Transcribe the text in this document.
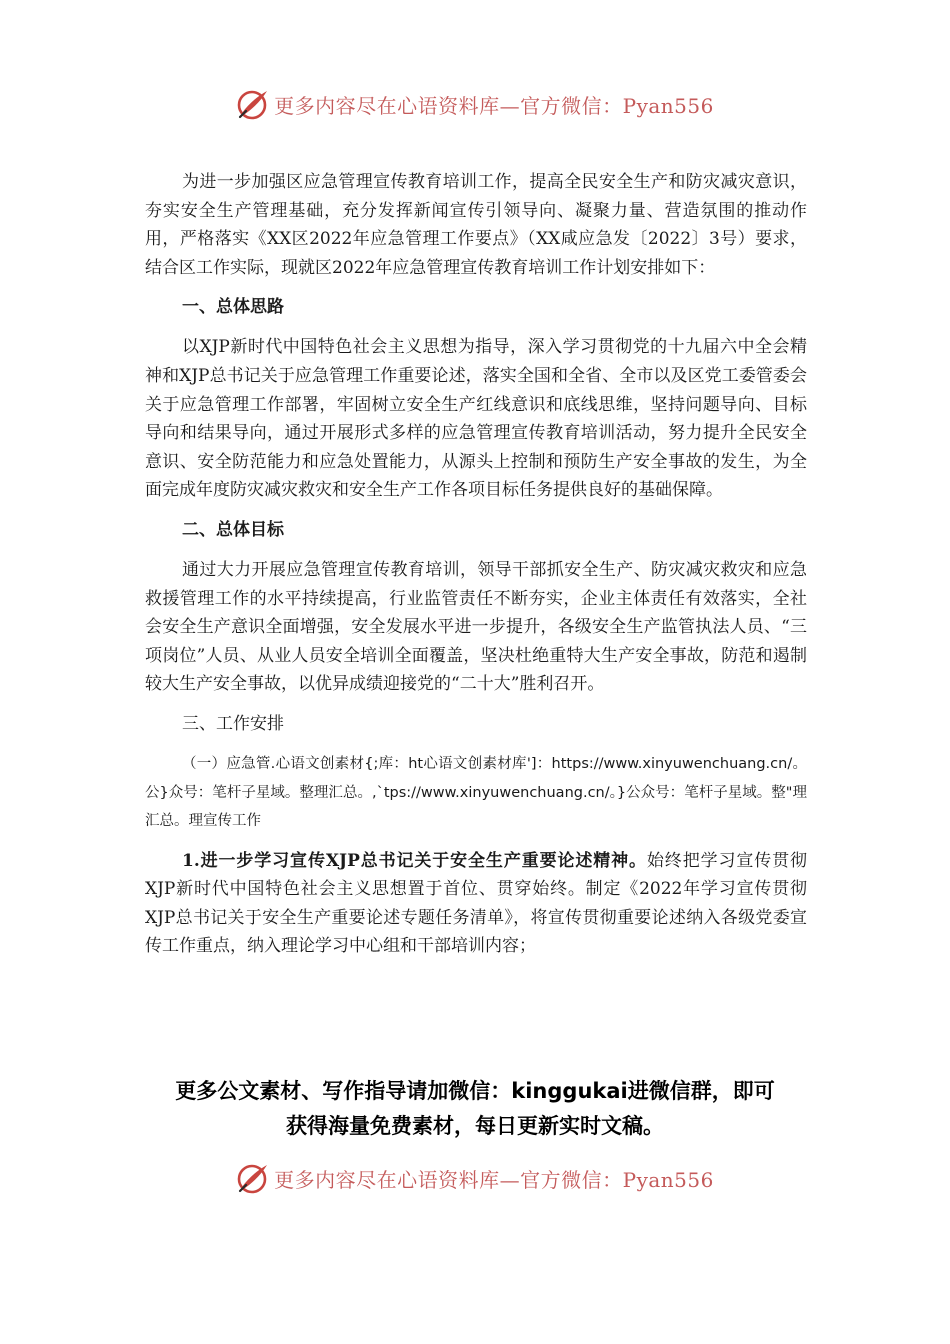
更多内容尽在心语资料库—官方微信：Pyan556

为进一步加强区应急管理宣传教育培训工作，提高全民安全生产和防灾减灾意识，夯实安全生产管理基础，充分发挥新闻宣传引领导向、凝聚力量、营造氛围的推动作用，严格落实《XX区2022年应急管理工作要点》（XX咸应急发〔2022〕3号）要求，结合区工作实际，现就区2022年应急管理宣传教育培训工作计划安排如下：

一、总体思路

以XJP新时代中国特色社会主义思想为指导，深入学习贯彻党的十九届六中全会精神和XJP总书记关于应急管理工作重要论述，落实全国和全省、全市以及区党工委管委会关于应急管理工作部署，牢固树立安全生产红线意识和底线思维，坚持问题导向、目标导向和结果导向，通过开展形式多样的应急管理宣传教育培训活动，努力提升全民安全意识、安全防范能力和应急处置能力，从源头上控制和预防生产安全事故的发生，为全面完成年度防灾减灾救灾和安全生产工作各项目标任务提供良好的基础保障。

二、总体目标

通过大力开展应急管理宣传教育培训，领导干部抓安全生产、防灾减灾救灾和应急救援管理工作的水平持续提高，行业监管责任不断夯实，企业主体责任有效落实，全社会安全生产意识全面增强，安全发展水平进一步提升，各级安全生产监管执法人员、“三项岗位”人员、从业人员安全培训全面覆盖，坚决杜绝重特大生产安全事故，防范和遏制较大生产安全事故，以优异成绩迎接党的“二十大”胜利召开。

三、工作安排

（一）应急管.心语文创素材{;库：ht心语文创素材库']：https://www.xinyuwenchuang.cn/。公}众号：笔杆子星域。整理汇总。,`tps://www.xinyuwenchuang.cn/。}公众号：笔杆子星域。整"理汇总。理宣传工作

1.进一步学习宣传XJP总书记关于安全生产重要论述精神。始终把学习宣传贯彻XJP新时代中国特色社会主义思想置于首位、贯穿始终。制定《2022年学习宣传贯彻XJP总书记关于安全生产重要论述专题任务清单》，将宣传贯彻重要论述纳入各级党委宣传工作重点，纳入理论学习中心组和干部培训内容；

更多公文素材、写作指导请加微信：kinggukai进微信群，即可
获得海量免费素材，每日更新实时文稿。
更多内容尽在心语资料库—官方微信：Pyan556
